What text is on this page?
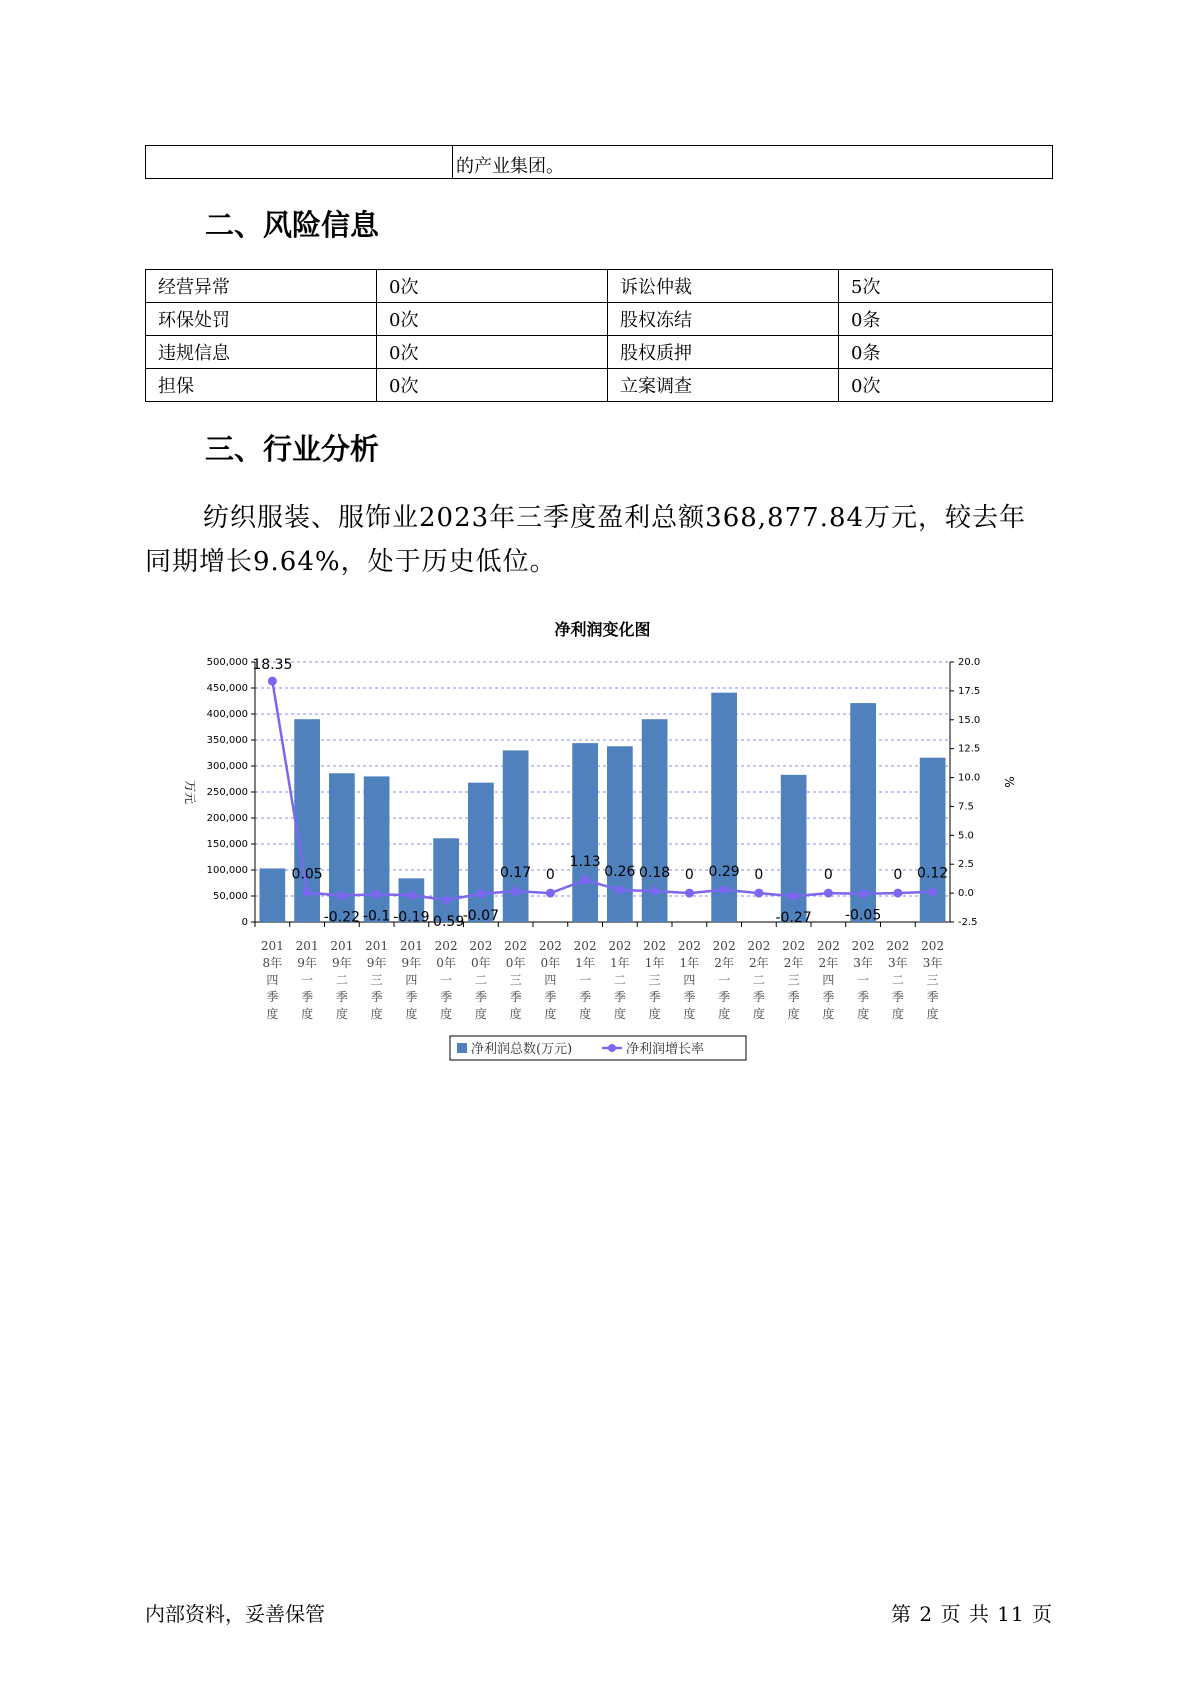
	的产业集团。
二、风险信息
经营异常	0次	诉讼仲裁	5次
环保处罚	0次	股权冻结	0条
违规信息	0次	股权质押	0条
担保	0次	立案调查	0次
三、行业分析

纺织服装、服饰业2023年三季度盈利总额368,877.84万元，较去年同期增长9.64%，处于历史低位。

净利润变化图
0
50,000
100,000
150,000
200,000
250,000
300,000
350,000
400,000
450,000
500,000
-2.5
0.0
2.5
5.0
7.5
10.0
12.5
15.0
17.5
20.0
万元	%
201
8年
四
季
度
201
9年
一
季
度
201
9年
二
季
度
201
9年
三
季
度
201
9年
四
季
度
202
0年
一
季
度
202
0年
二
季
度
202
0年
三
季
度
202
0年
四
季
度
202
1年
一
季
度
202
1年
二
季
度
202
1年
三
季
度
202
1年
四
季
度
202
2年
一
季
度
202
2年
二
季
度
202
2年
三
季
度
202
2年
四
季
度
202
3年
一
季
度
202
3年
二
季
度
202
3年
三
季
度
18.35
0.05
-0.22 -0.1 -0.19
-0.59
-0.07
0.17 0
1.13
0.26 0.18 0 0.29 0
-0.27
0
-0.05
0 0.12
净利润总数(万元)	净利润增长率
内部资料，妥善保管	第 2 页 共 11 页
